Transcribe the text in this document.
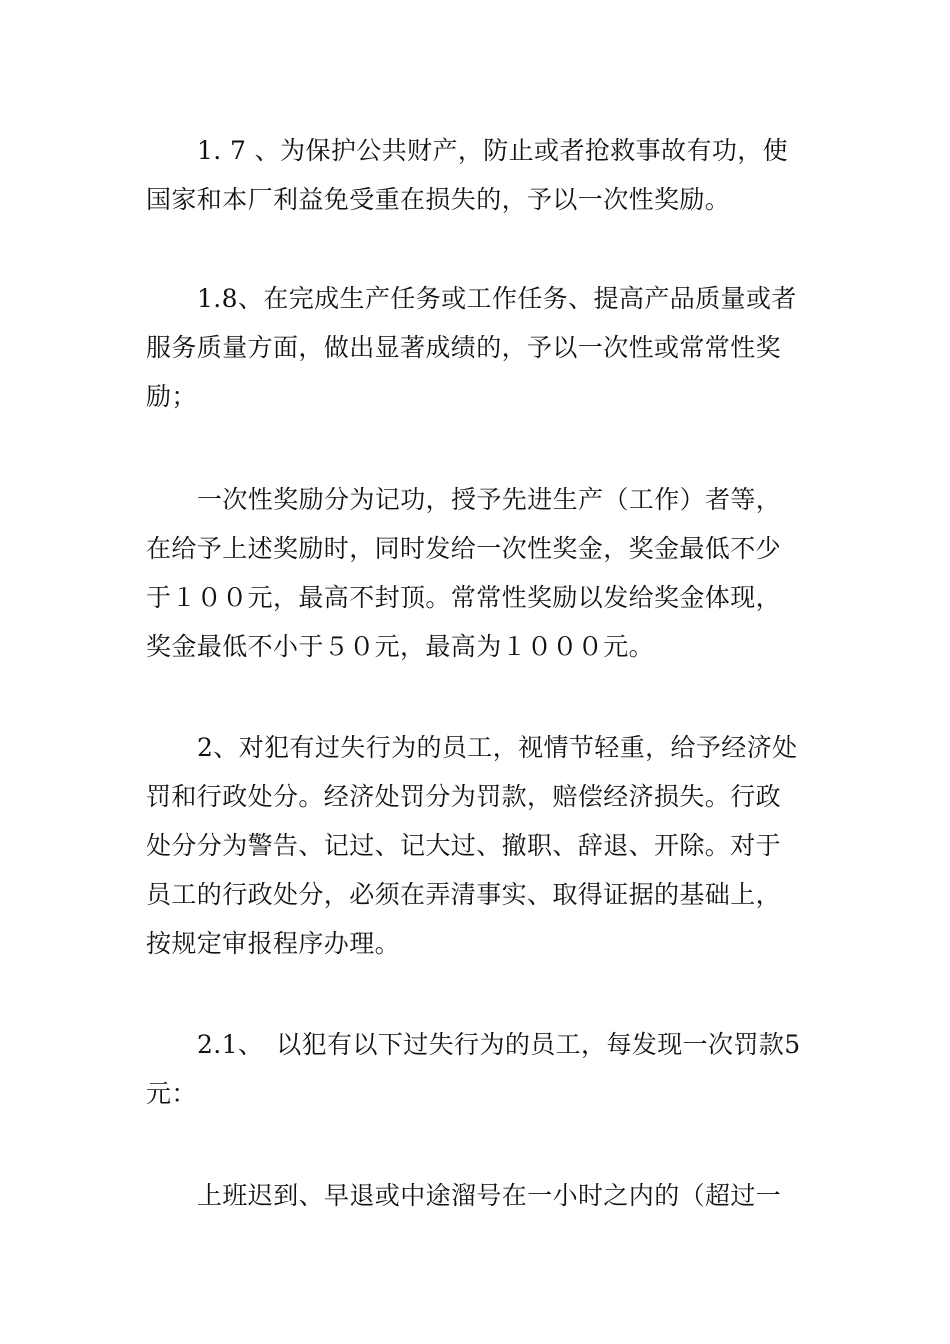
1. 7 、为保护公共财产，防止或者抢救事故有功，使
国家和本厂利益免受重在损失的，予以一次性奖励。
1.8、在完成生产任务或工作任务、提高产品质量或者
服务质量方面，做出显著成绩的，予以一次性或常常性奖
励；
一次性奖励分为记功，授予先进生产（工作）者等，
在给予上述奖励时，同时发给一次性奖金，奖金最低不少
于１００元，最高不封顶。常常性奖励以发给奖金体现，
奖金最低不小于５０元，最高为１０００元。
2、对犯有过失行为的员工，视情节轻重，给予经济处
罚和行政处分。经济处罚分为罚款，赔偿经济损失。行政
处分分为警告、记过、记大过、撤职、辞退、开除。对于
员工的行政处分，必须在弄清事实、取得证据的基础上，
按规定审报程序办理。
2.1、　以犯有以下过失行为的员工，每发现一次罚款5
元：
上班迟到、早退或中途溜号在一小时之内的（超过一
